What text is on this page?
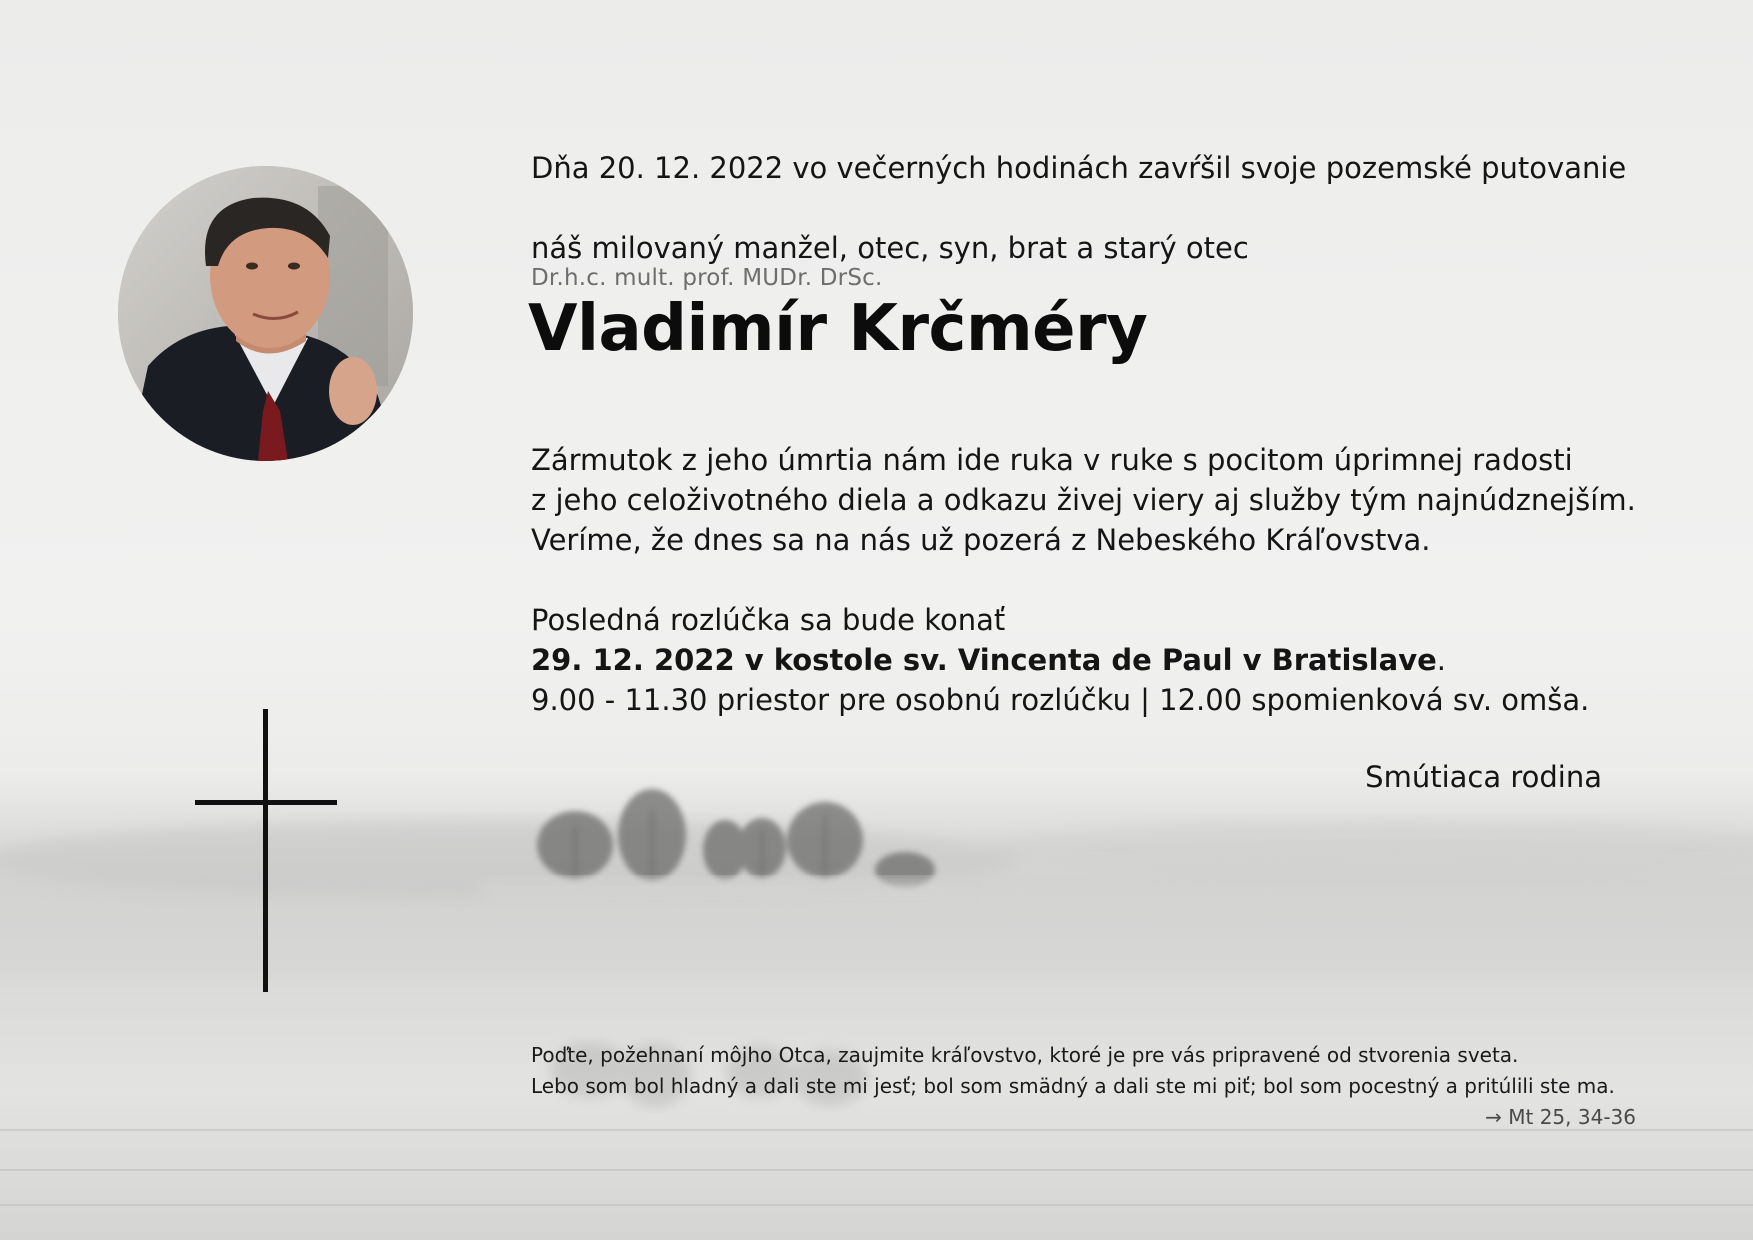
Dňa 20. 12. 2022 vo večerných hodinách zavŕšil svoje pozemské putovanie

náš milovaný manžel, otec, syn, brat a starý otec

Dr.h.c. mult. prof. MUDr. DrSc.
Vladimír Krčméry
Zármutok z jeho úmrtia nám ide ruka v ruke s pocitom úprimnej radosti
z jeho celoživotného diela a odkazu živej viery aj služby tým najnúdznejším.
Veríme, že dnes sa na nás už pozerá z Nebeského Kráľovstva.
Posledná rozlúčka sa bude konať
29. 12. 2022 v kostole sv. Vincenta de Paul v Bratislave.
9.00 - 11.30 priestor pre osobnú rozlúčku | 12.00 spomienková sv. omša.
Smútiaca rodina
Poďte, požehnaní môjho Otca, zaujmite kráľovstvo, ktoré je pre vás pripravené od stvorenia sveta.
Lebo som bol hladný a dali ste mi jesť; bol som smädný a dali ste mi piť; bol som pocestný a pritúlili ste ma.
→ Mt 25, 34-36
